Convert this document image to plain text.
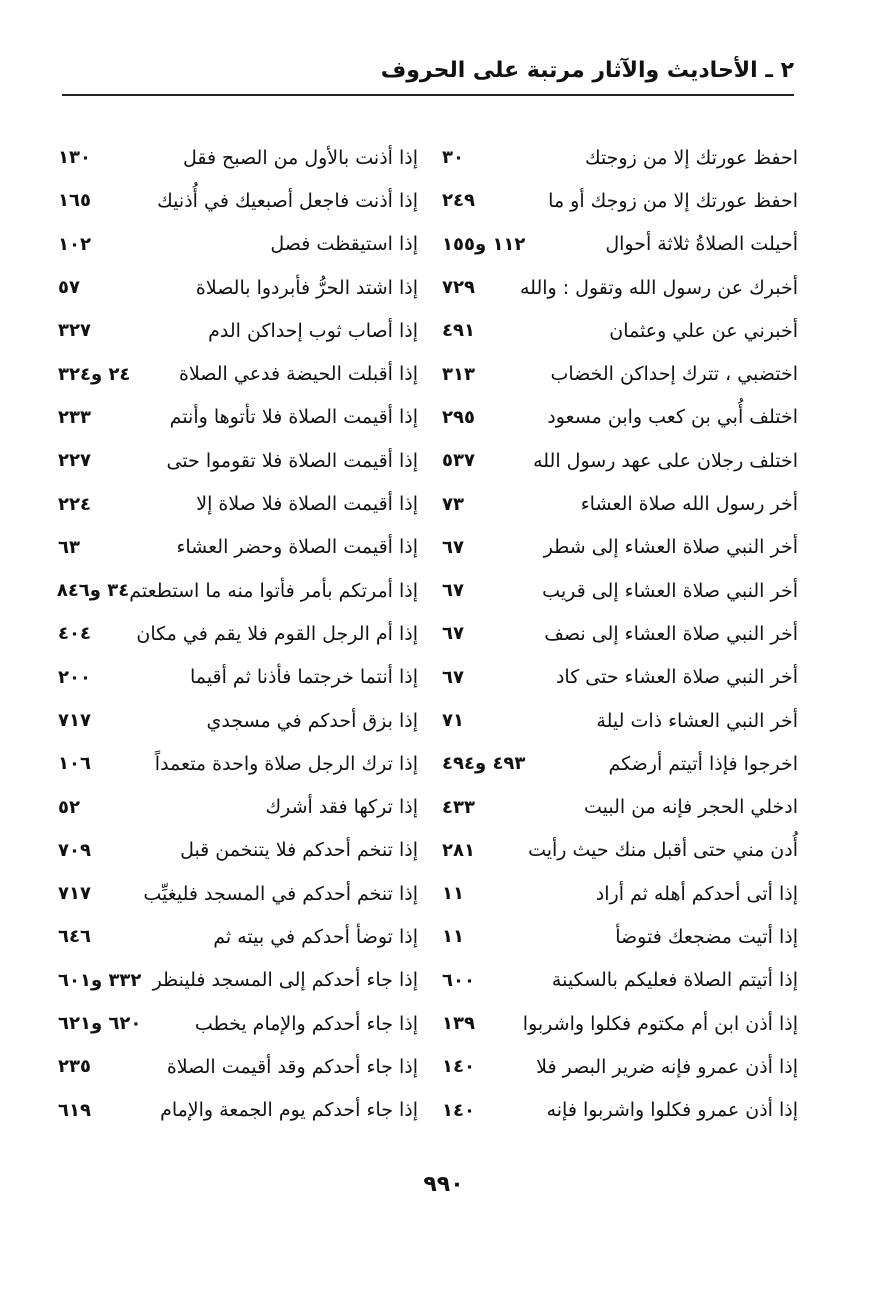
٢ ـ الأحاديث والآثار مرتبة على الحروف
احفظ عورتك إلا من زوجتك
٣٠
احفظ عورتك إلا من زوجك أو ما
٢٤٩
أحيلت الصلاةُ ثلاثة أحوال
١١٢ و١٥٥
أخبرك عن رسول الله وتقول : والله
٧٢٩
أخبرني عن علي وعثمان
٤٩١
اختضبي ، تترك إحداكن الخضاب
٣١٣
اختلف أُبي بن كعب وابن مسعود
٢٩٥
اختلف رجلان على عهد رسول الله
٥٣٧
أخر رسول الله صلاة العشاء
٧٣
أخر النبي صلاة العشاء إلى شطر
٦٧
أخر النبي صلاة العشاء إلى قريب
٦٧
أخر النبي صلاة العشاء إلى نصف
٦٧
أخر النبي صلاة العشاء حتى كاد
٦٧
أخر النبي العشاء ذات ليلة
٧١
اخرجوا فإذا أتيتم أرضكم
٤٩٣ و٤٩٤
ادخلي الحجر فإنه من البيت
٤٣٣
أُدن مني حتى أقبل منك حيث رأيت
٢٨١
إذا أتى أحدكم أهله ثم أراد
١١
إذا أتيت مضجعك فتوضأ
١١
إذا أتيتم الصلاة فعليكم بالسكينة
٦٠٠
إذا أذن ابن أم مكتوم فكلوا واشربوا
١٣٩
إذا أذن عمرو فإنه ضرير البصر فلا
١٤٠
إذا أذن عمرو فكلوا واشربوا فإنه
١٤٠
إذا أذنت بالأول من الصبح فقل
١٣٠
إذا أذنت فاجعل أصبعيك في أُذنيك
١٦٥
إذا استيقظت فصل
١٠٢
إذا اشتد الحرُّ فأبردوا بالصلاة
٥٧
إذا أصاب ثوب إحداكن الدم
٣٢٧
إذا أقبلت الحيضة فدعي الصلاة
٢٤ و٣٢٤
إذا أقيمت الصلاة فلا تأتوها وأنتم
٢٣٣
إذا أقيمت الصلاة فلا تقوموا حتى
٢٢٧
إذا أقيمت الصلاة فلا صلاة إلا
٢٢٤
إذا أقيمت الصلاة وحضر العشاء
٦٣
إذا أمرتكم بأمر فأتوا منه ما استطعتم
٣٤ و٨٤٦
إذا أم الرجل القوم فلا يقم في مكان
٤٠٤
إذا أنتما خرجتما فأذنا ثم أقيما
٢٠٠
إذا بزق أحدكم في مسجدي
٧١٧
إذا ترك الرجل صلاة واحدة متعمداً
١٠٦
إذا تركها فقد أشرك
٥٢
إذا تنخم أحدكم فلا يتنخمن قبل
٧٠٩
إذا تنخم أحدكم في المسجد فليغيِّب
٧١٧
إذا توضأ أحدكم في بيته ثم
٦٤٦
إذا جاء أحدكم إلى المسجد فلينظر
٣٣٢ و٦٠١
إذا جاء أحدكم والإمام يخطب
٦٢٠ و٦٢١
إذا جاء أحدكم وقد أقيمت الصلاة
٢٣٥
إذا جاء أحدكم يوم الجمعة والإمام
٦١٩
٩٩٠
